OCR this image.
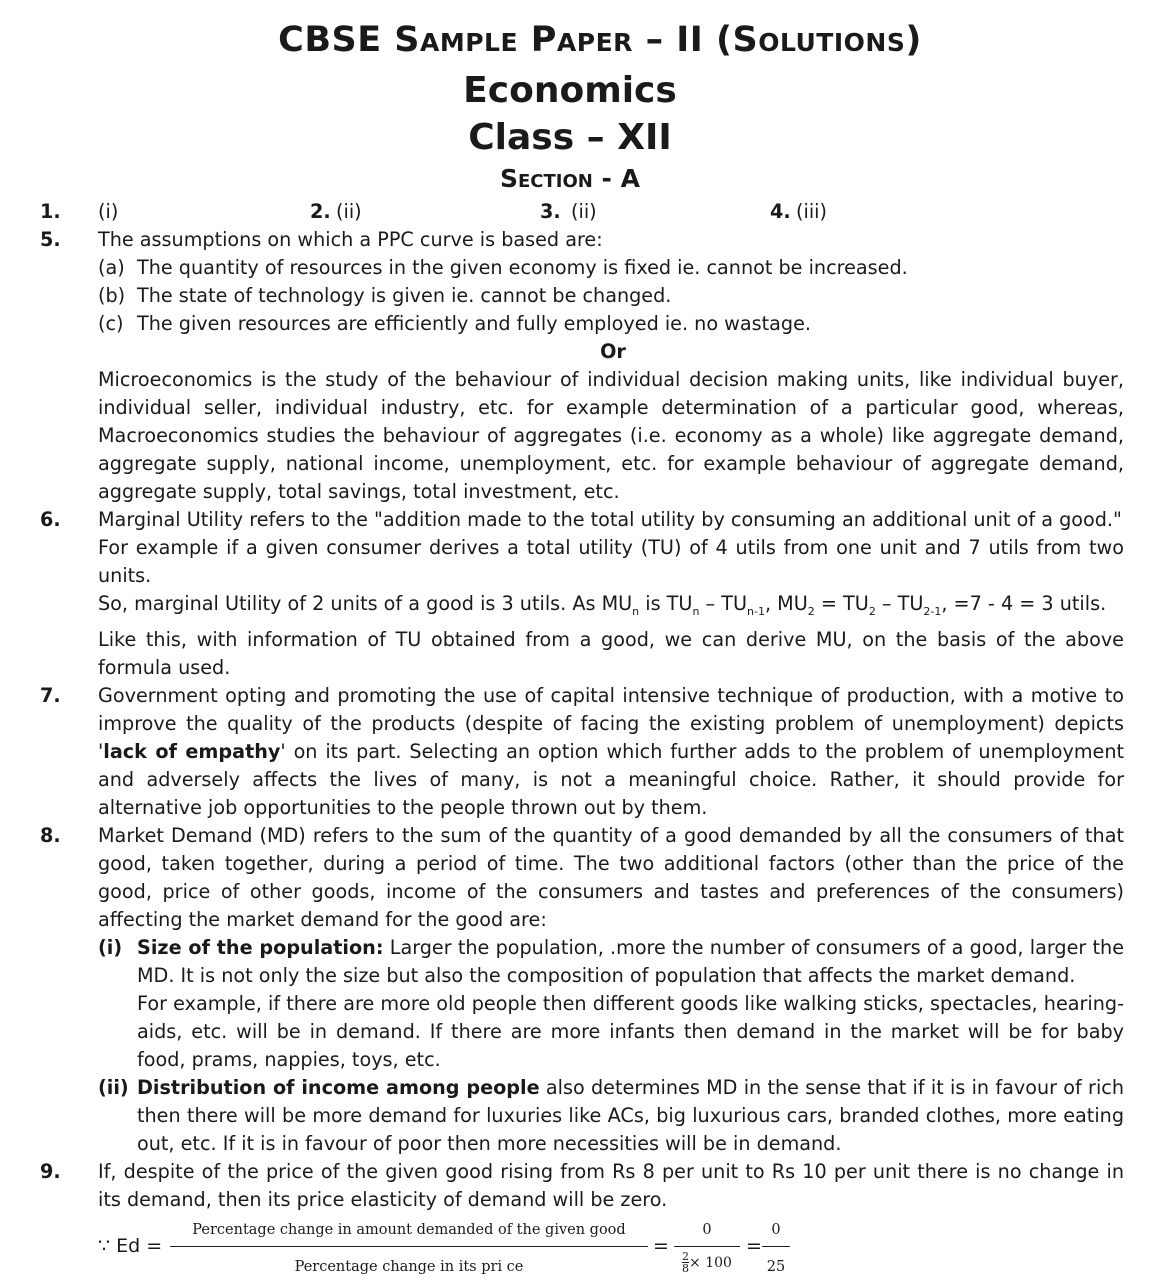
CBSE Sample Paper – II (Solutions)
Economics
Class – XII
Section - A
1. (i)	2. (ii)	3. (ii)	4. (iii)
5. The assumptions on which a PPC curve is based are:
(a) The quantity of resources in the given economy is fixed ie. cannot be increased.
(b) The state of technology is given ie. cannot be changed.
(c) The given resources are efficiently and fully employed ie. no wastage.
Or
Microeconomics is the study of the behaviour of individual decision making units, like individual buyer, individual seller, individual industry, etc. for example determination of a particular good, whereas, Macroeconomics studies the behaviour of aggregates (i.e. economy as a whole) like aggregate demand, aggregate supply, national income, unemployment, etc. for example behaviour of aggregate demand, aggregate supply, total savings, total investment, etc.
6. Marginal Utility refers to the "addition made to the total utility by consuming an additional unit of a good."
For example if a given consumer derives a total utility (TU) of 4 utils from one unit and 7 utils from two units.
So, marginal Utility of 2 units of a good is 3 utils. As $MU_n$ is $TU_n - TU_{n-1}$, $MU_2 = TU_2 - TU_{2-1}$, =7 - 4 = 3 utils.
Like this, with information of TU obtained from a good, we can derive MU, on the basis of the above formula used.
7. Government opting and promoting the use of capital intensive technique of production, with a motive to improve the quality of the products (despite of facing the existing problem of unemployment) depicts 'lack of empathy' on its part. Selecting an option which further adds to the problem of unemployment and adversely affects the lives of many, is not a meaningful choice. Rather, it should provide for alternative job opportunities to the people thrown out by them.
8. Market Demand (MD) refers to the sum of the quantity of a good demanded by all the consumers of that good, taken together, during a period of time. The two additional factors (other than the price of the good, price of other goods, income of the consumers and tastes and preferences of the consumers) affecting the market demand for the good are:
(i) Size of the population: Larger the population, .more the number of consumers of a good, larger the MD. It is not only the size but also the composition of population that affects the market demand.
For example, if there are more old people then different goods like walking sticks, spectacles, hearing-aids, etc. will be in demand. If there are more infants then demand in the market will be for baby food, prams, nappies, toys, etc.
(ii) Distribution of income among people also determines MD in the sense that if it is in favour of rich then there will be more demand for luxuries like ACs, big luxurious cars, branded clothes, more eating out, etc. If it is in favour of poor then more necessities will be in demand.
9. If, despite of the price of the given good rising from Rs 8 per unit to Rs 10 per unit there is no change in its demand, then its price elasticity of demand will be zero.
∵ Ed =
Percentage change in amount demanded of the given good
Percentage change in its pri ce
= $\frac{0}{\frac{2}{8} \times 100} = \frac{0}{25}$
